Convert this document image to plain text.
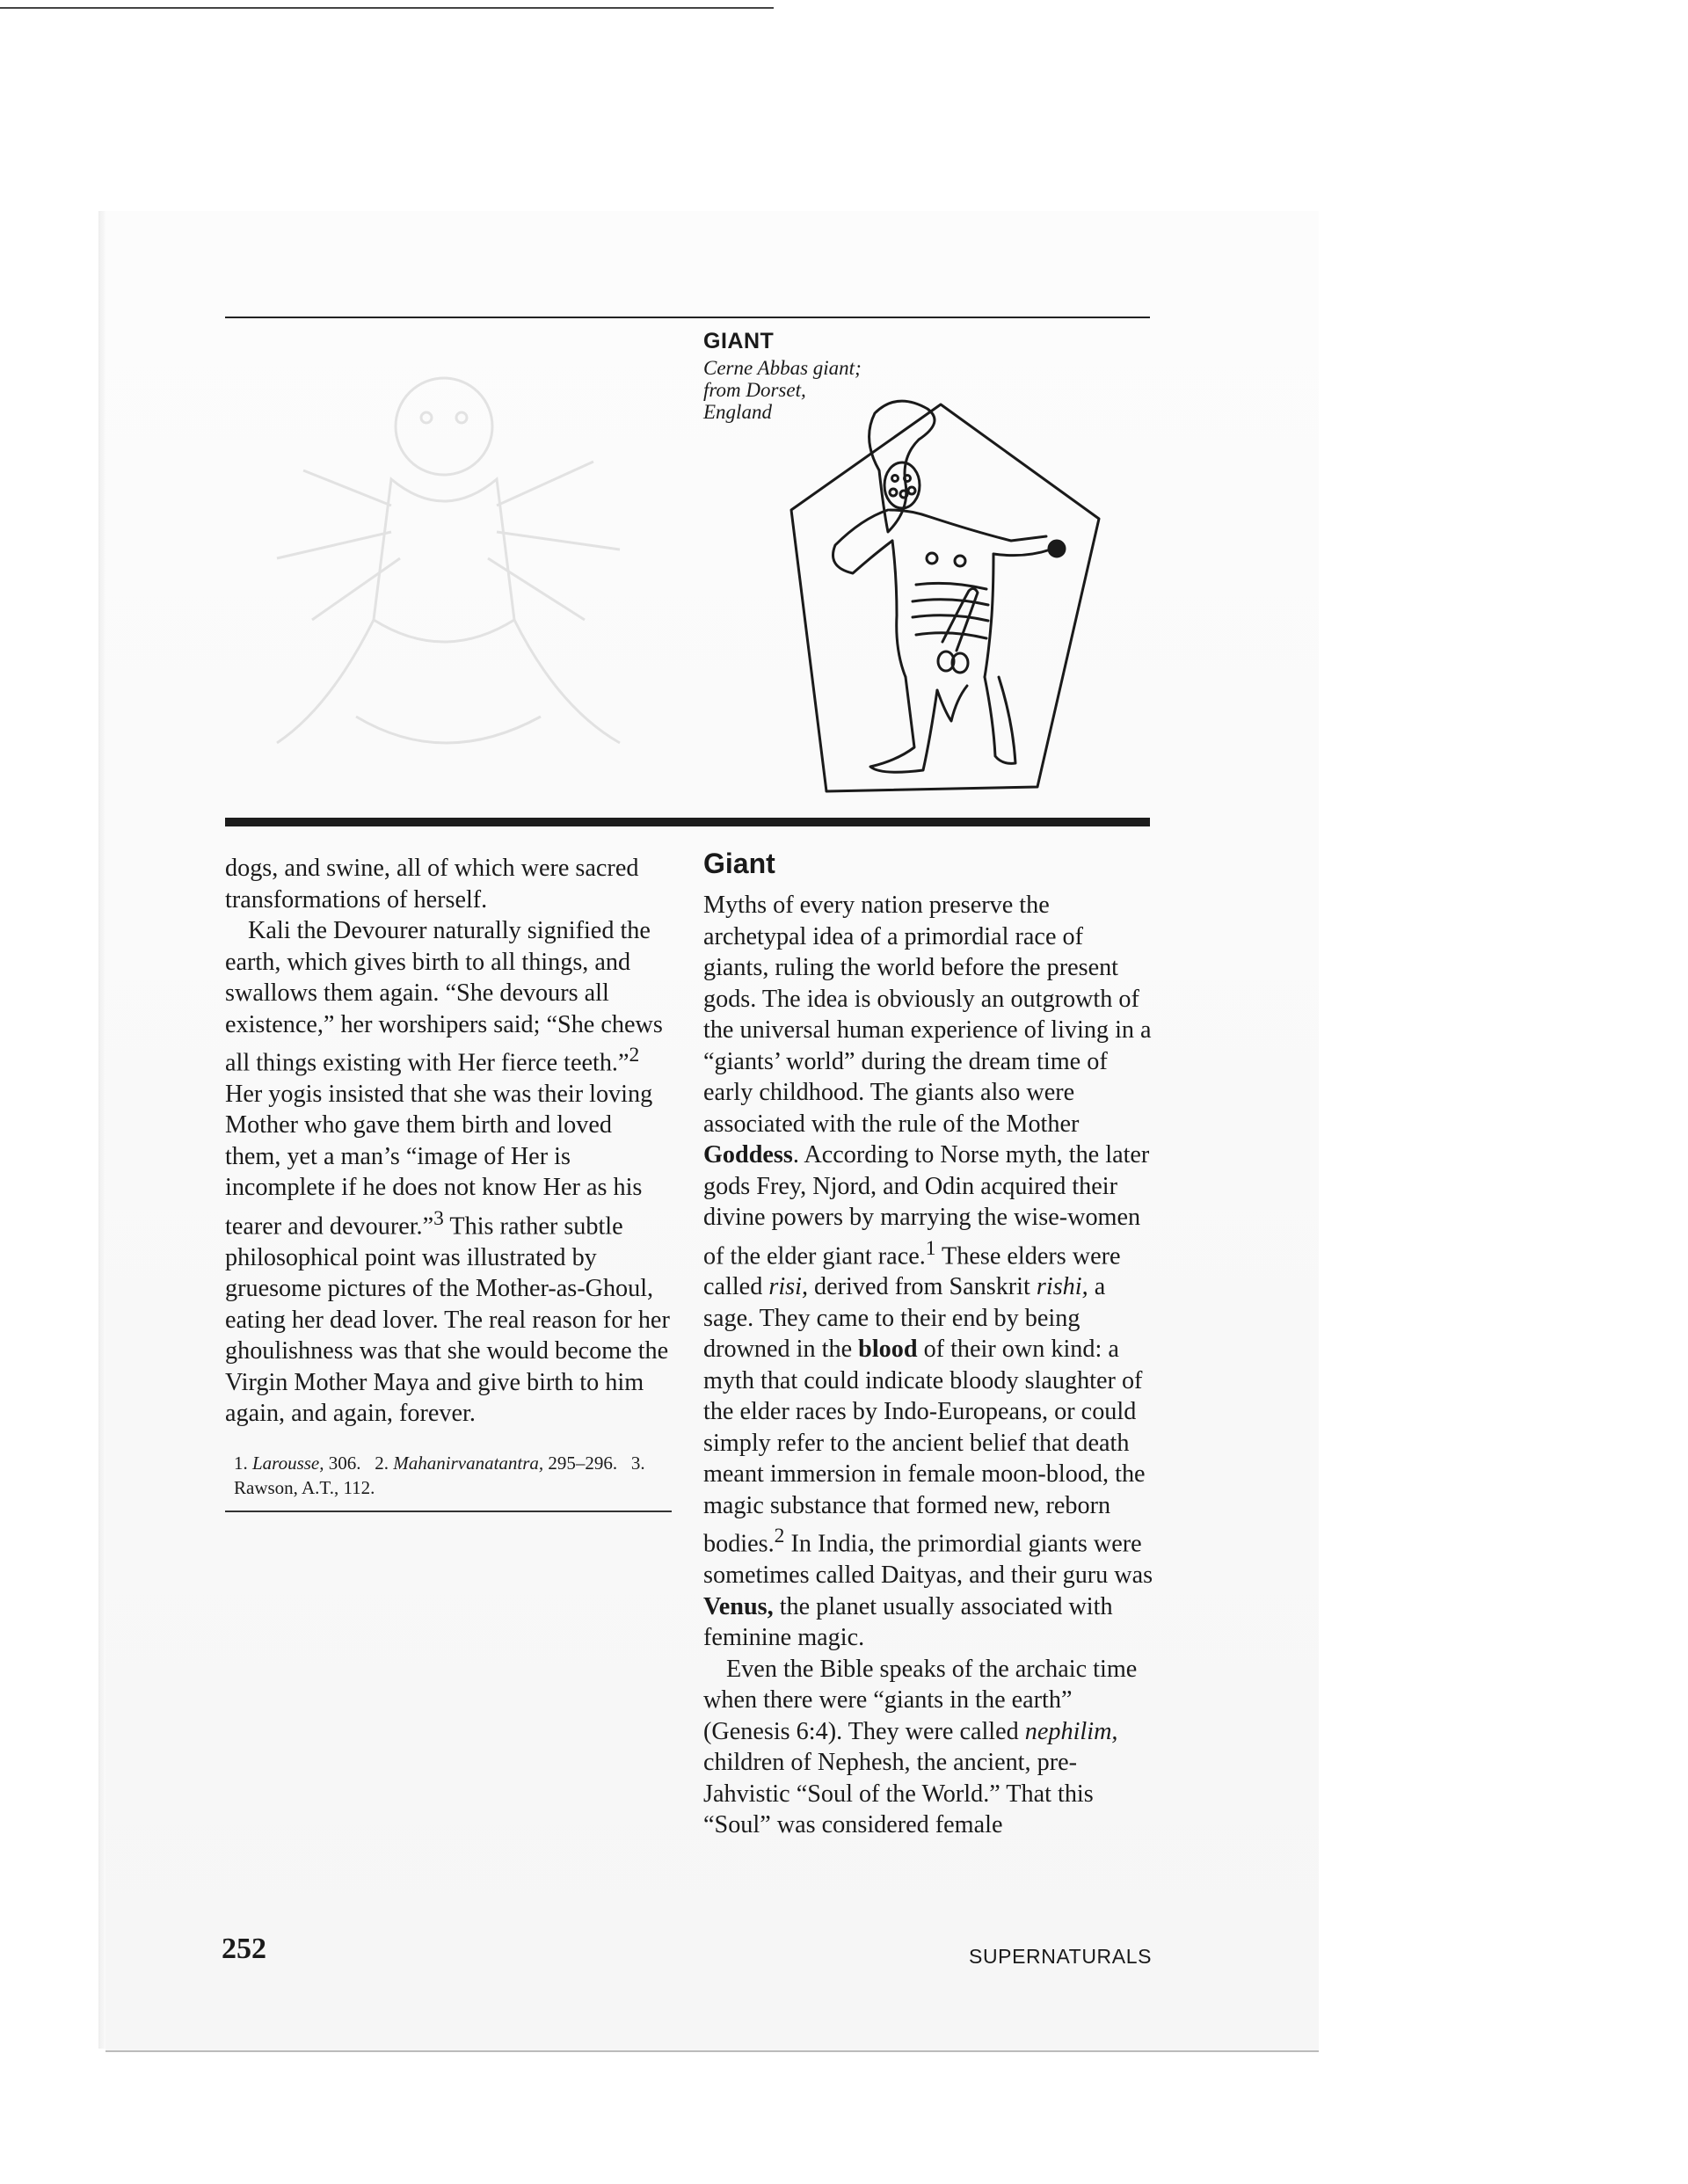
GIANT
Cerne Abbas giant;
from Dorset,
England

dogs, and swine, all of which were sacred transformations of herself.

Kali the Devourer naturally signified the earth, which gives birth to all things, and swallows them again. “She devours all existence,” her worshipers said; “She chews all things existing with Her fierce teeth.”$^2$ Her yogis insisted that she was their loving Mother who gave them birth and loved them, yet a man’s “image of Her is incomplete if he does not know Her as his tearer and devourer.”$^3$ This rather subtle philosophical point was illustrated by gruesome pictures of the Mother-as-Ghoul, eating her dead lover. The real reason for her ghoulishness was that she would become the Virgin Mother Maya and give birth to him again, and again, forever.

1. Larousse, 306. 2. Mahanirvanatantra, 295–296. 3. Rawson, A.T., 112.

Giant

Myths of every nation preserve the archetypal idea of a primordial race of giants, ruling the world before the present gods. The idea is obviously an outgrowth of the universal human experience of living in a “giants’ world” during the dream time of early childhood. The giants also were associated with the rule of the Mother Goddess. According to Norse myth, the later gods Frey, Njord, and Odin acquired their divine powers by marrying the wise-women of the elder giant race.$^1$ These elders were called risi, derived from Sanskrit rishi, a sage. They came to their end by being drowned in the blood of their own kind: a myth that could indicate bloody slaughter of the elder races by Indo-Europeans, or could simply refer to the ancient belief that death meant immersion in female moon-blood, the magic substance that formed new, reborn bodies.$^2$ In India, the primordial giants were sometimes called Daityas, and their guru was Venus, the planet usually associated with feminine magic.

Even the Bible speaks of the archaic time when there were “giants in the earth” (Genesis 6:4). They were called nephilim, children of Nephesh, the ancient, pre-Jahvistic “Soul of the World.” That this “Soul” was considered female

252	SUPERNATURALS
